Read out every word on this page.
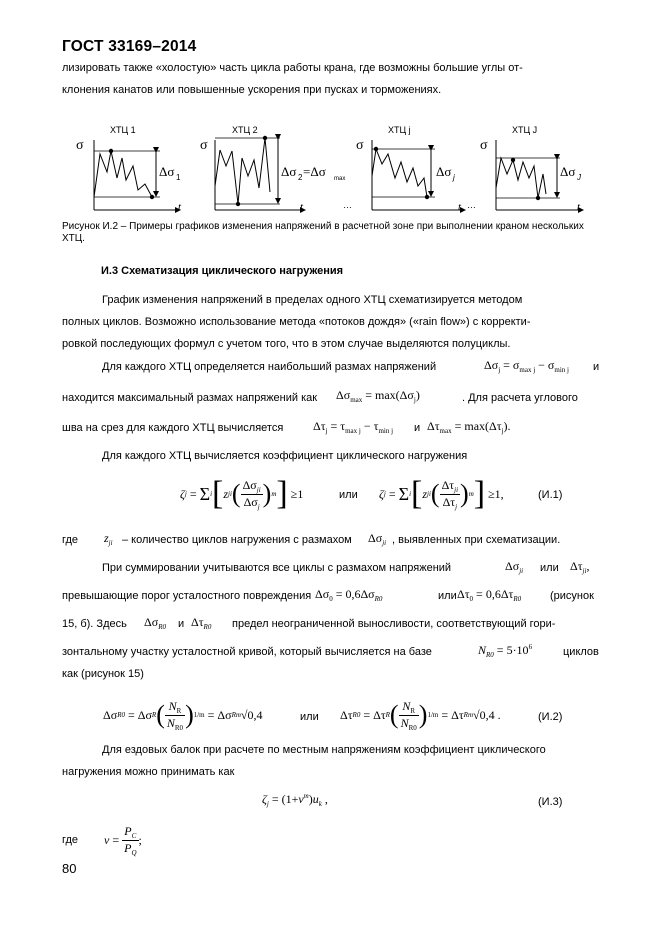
ГОСТ 33169–2014
лизировать также «холостую» часть цикла работы крана, где возможны большие углы от-
клонения канатов или повышенные ускорения при пусках и торможениях.
ХТЦ 1
σ
Δσ 1
t
ХТЦ 2
σ
Δσ 2 =Δσ max
t	…
ХТЦ j
σ
Δσ j
t …
ХТЦ J
σ
Δσ J
t
Рисунок И.2 – Примеры графиков изменения напряжений в расчетной зоне при выполнении краном нескольких ХТЦ.
И.3 Схематизация циклического нагружения
График изменения напряжений в пределах одного ХТЦ схематизируется методом
полных циклов. Возможно использование метода «потоков дождя» («rain flow») с корректи-
ровкой последующих формул с учетом того, что в этом случае выделяются полуциклы.
Для каждого ХТЦ определяется наибольший размах напряжений	$\Delta\sigma_j = \sigma_{max j} - \sigma_{min j}$ и
находится максимальный размах напряжений как $\Delta\sigma_{max} = \max(\Delta\sigma_j)$	. Для расчета углового
шва на срез для каждого ХТЦ вычисляется $\Delta\tau_j = \tau_{max j} - \tau_{min j}$ и $\Delta\tau_{max} = \max(\Delta\tau_j)$.
Для каждого ХТЦ вычисляется коэффициент циклического нагружения
ζ j = Σ i [ z ji ( $\frac{\Delta\sigma_{ji}}{\Delta\sigma_j}$ ) m ] ≥1	или ζ j = Σ i [ z ji ( $\frac{\Delta\tau_{ji}}{\Delta\tau_j}$ ) m ] ≥1,	(И.1)
где $z_{ji}$ – количество циклов нагружения с размахом $\Delta\sigma_{ji}$ , выявленных при схематизации.
При суммировании учитываются все циклы с размахом напряжений	$\Delta\sigma_{ji}$ или $\Delta\tau_{ji}$,
превышающие порог усталостного повреждения $\Delta\sigma_0 = 0,6\Delta\sigma_{R0}$	или $\Delta\tau_0 = 0,6\Delta\tau_{R0}$	(рисунок
15, б). Здесь $\Delta\sigma_{R0}$ и $\Delta\tau_{R0}$ предел неограниченной выносливости, соответствующий гори-
зонтальному участку усталостной кривой, который вычисляется на базе	$N_{R0} = 5\cdot 10^6$	циклов
как (рисунок 15)
Δσ R0 = Δσ R ( $\frac{N_R}{N_{R0}}$ ) 1/m = Δσ R m √0,4	или Δτ R0 = Δτ R ( $\frac{N_R}{N_{R0}}$ ) 1/m = Δτ R m √0,4 .	(И.2)
Для ездовых балок при расчете по местным напряжениям коэффициент циклического
нагружения можно принимать как
$\zeta_j = (1+v^m)u_k$ ,	(И.3)
где $v = \frac{P_C}{P_Q}$ ;
80
